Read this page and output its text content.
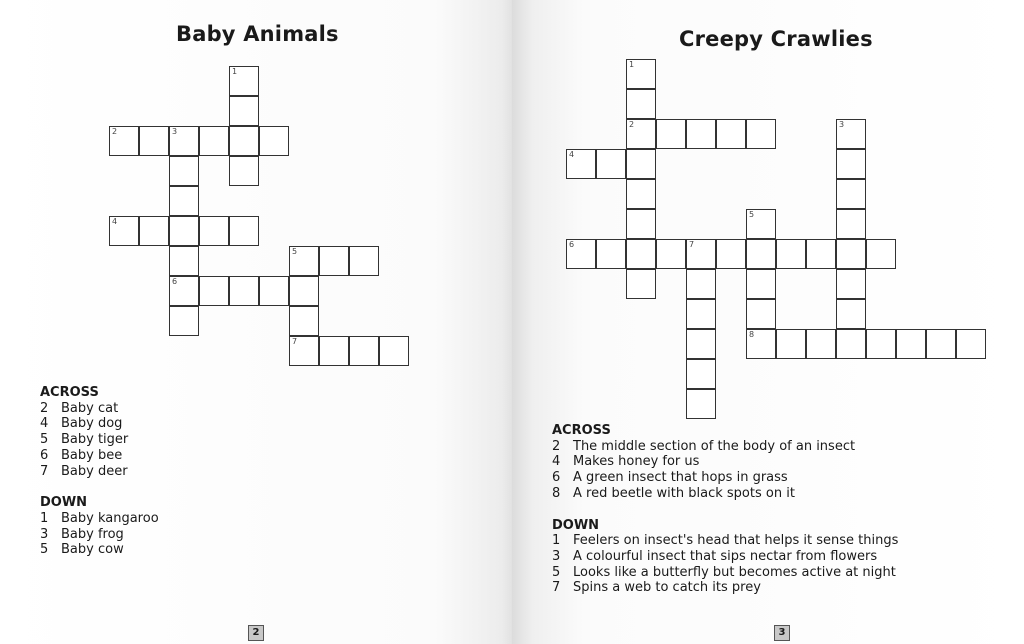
Baby Animals
1
2	3
4
5
6
7
ACROSS
2 Baby cat
4 Baby dog
5 Baby tiger
6 Baby bee
7 Baby deer
DOWN
1 Baby kangaroo
3 Baby frog
5 Baby cow
2
Creepy Crawlies
1
2	3
4
5
6	7
8
ACROSS
2 The middle section of the body of an insect
4 Makes honey for us
6 A green insect that hops in grass
8 A red beetle with black spots on it
DOWN
1 Feelers on insect's head that helps it sense things
3 A colourful insect that sips nectar from flowers
5 Looks like a butterfly but becomes active at night
7 Spins a web to catch its prey
3
